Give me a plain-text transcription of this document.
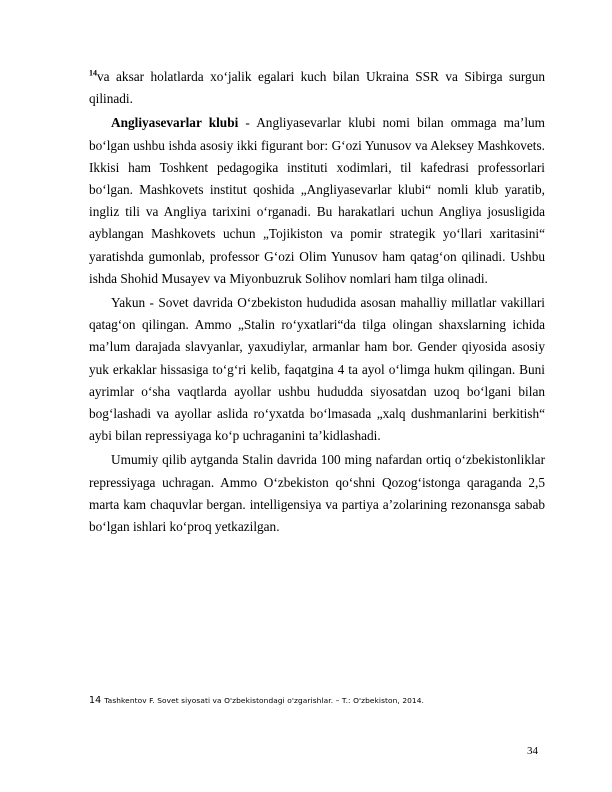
$^{14}$va aksar holatlarda xoʻjalik egalari kuch bilan Ukraina SSR va Sibirga surgun qilinadi.

Angliyasevarlar klubi - Angliyasevarlar klubi nomi bilan ommaga maʼlum boʻlgan ushbu ishda asosiy ikki figurant bor: Gʻozi Yunusov va Aleksey Mashkovets. Ikkisi ham Toshkent pedagogika instituti xodimlari, til kafedrasi professorlari boʻlgan. Mashkovets institut qoshida „Angliyasevarlar klubi“ nomli klub yaratib, ingliz tili va Angliya tarixini oʻrganadi. Bu harakatlari uchun Angliya josusligida ayblangan Mashkovets uchun „Tojikiston va pomir strategik yoʻllari xaritasini“ yaratishda gumonlab, professor Gʻozi Olim Yunusov ham qatagʻon qilinadi. Ushbu ishda Shohid Musayev va Miyonbuzruk Solihov nomlari ham tilga olinadi.

Yakun - Sovet davrida Oʻzbekiston hududida asosan mahalliy millatlar vakillari qatagʻon qilingan. Ammo „Stalin roʻyxatlari“da tilga olingan shaxslarning ichida maʼlum darajada slavyanlar, yaxudiylar, armanlar ham bor. Gender qiyosida asosiy yuk erkaklar hissasiga toʻgʻri kelib, faqatgina 4 ta ayol oʻlimga hukm qilingan. Buni ayrimlar oʻsha vaqtlarda ayollar ushbu hududda siyosatdan uzoq boʻlgani bilan bogʻlashadi va ayollar aslida roʻyxatda boʻlmasada „xalq dushmanlarini berkitish“ aybi bilan repressiyaga koʻp uchraganini taʼkidlashadi.

Umumiy qilib aytganda Stalin davrida 100 ming nafardan ortiq oʻzbekistonliklar repressiyaga uchragan. Ammo Oʻzbekiston qoʻshni Qozogʻistonga qaraganda 2,5 marta kam chaquvlar bergan. intelligensiya va partiya aʼzolarining rezonansga sabab boʻlgan ishlari koʻproq yetkazilgan.

14 Tashkentov F. Sovet siyosati va O'zbekistondagi o'zgarishlar. – T.: O'zbekiston, 2014.
34
